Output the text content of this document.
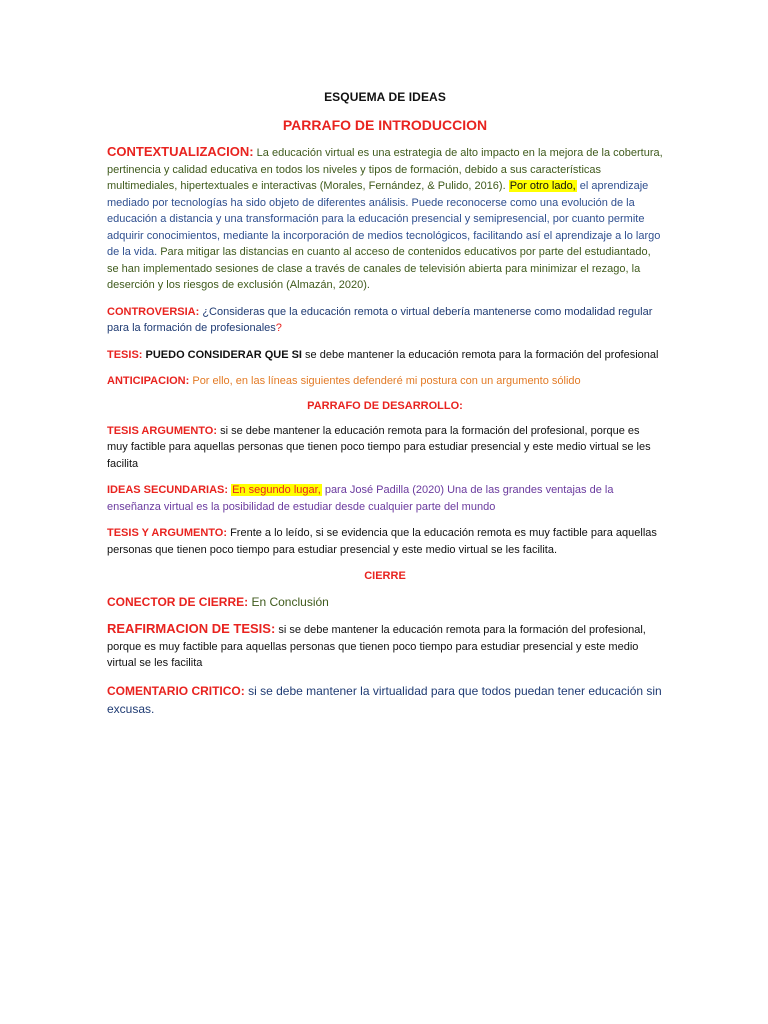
ESQUEMA DE IDEAS
PARRAFO DE INTRODUCCION

CONTEXTUALIZACION: La educación virtual es una estrategia de alto impacto en la mejora de la cobertura, pertinencia y calidad educativa en todos los niveles y tipos de formación, debido a sus características multimediales, hipertextuales e interactivas (Morales, Fernández, & Pulido, 2016). Por otro lado, el aprendizaje mediado por tecnologías ha sido objeto de diferentes análisis. Puede reconocerse como una evolución de la educación a distancia y una transformación para la educación presencial y semipresencial, por cuanto permite adquirir conocimientos, mediante la incorporación de medios tecnológicos, facilitando así el aprendizaje a lo largo de la vida. Para mitigar las distancias en cuanto al acceso de contenidos educativos por parte del estudiantado, se han implementado sesiones de clase a través de canales de televisión abierta para minimizar el rezago, la deserción y los riesgos de exclusión (Almazán, 2020).

CONTROVERSIA: ¿Consideras que la educación remota o virtual debería mantenerse como modalidad regular para la formación de profesionales?

TESIS: PUEDO CONSIDERAR QUE SI se debe mantener la educación remota para la formación del profesional

ANTICIPACION: Por ello, en las líneas siguientes defenderé mi postura con un argumento sólido

PARRAFO DE DESARROLLO:

TESIS ARGUMENTO: si se debe mantener la educación remota para la formación del profesional, porque es muy factible para aquellas personas que tienen poco tiempo para estudiar presencial y este medio virtual se les facilita

IDEAS SECUNDARIAS: En segundo lugar, para José Padilla (2020) Una de las grandes ventajas de la enseñanza virtual es la posibilidad de estudiar desde cualquier parte del mundo

TESIS Y ARGUMENTO: Frente a lo leído, si se evidencia que la educación remota es muy factible para aquellas personas que tienen poco tiempo para estudiar presencial y este medio virtual se les facilita.

CIERRE

CONECTOR DE CIERRE: En Conclusión

REAFIRMACION DE TESIS: si se debe mantener la educación remota para la formación del profesional, porque es muy factible para aquellas personas que tienen poco tiempo para estudiar presencial y este medio virtual se les facilita

COMENTARIO CRITICO: si se debe mantener la virtualidad para que todos puedan tener educación sin excusas.
